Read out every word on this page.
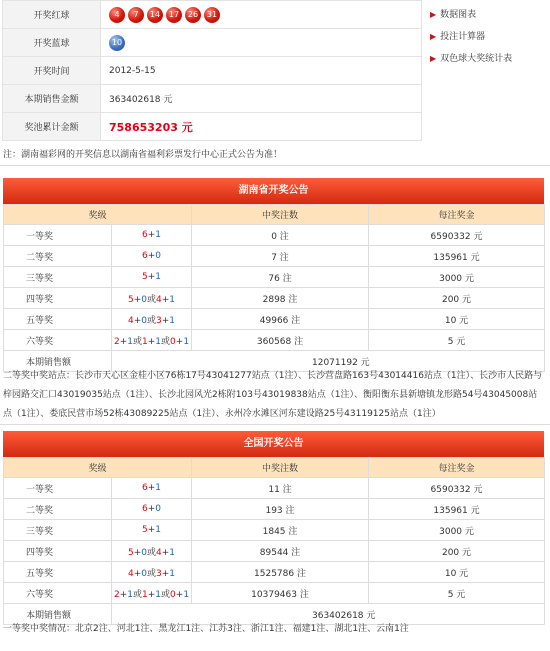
开奖红球	4 7 14 17 26 31
开奖蓝球	10
开奖时间	2012-5-15
本期销售金额	363402618 元
奖池累计金额	758653203 元
▶ 数据图表
▶ 投注计算器
▶ 双色球大奖统计表
注：湖南福彩网的开奖信息以湖南省福利彩票发行中心正式公告为准！
湖南省开奖公告
奖级		中奖注数	每注奖金
一等奖	6+1	0 注	6590332 元
二等奖	6+0	7 注	135961 元
三等奖	5+1	76 注	3000 元
四等奖	5+0或4+1	2898 注	200 元
五等奖	4+0或3+1	49966 注	10 元
六等奖	2+1或1+1或0+1	360568 注	5 元
本期销售额	12071192 元		
二等奖中奖站点：长沙市天心区金桂小区76栋17号43041277站点（1注）、长沙营盘路163号43014416站点（1注）、长沙市人民路与梓园路交汇口43019035站点（1注）、长沙北园风光2栋附103号43019838站点（1注）、衡阳衡东县新塘镇龙形路54号43045008站点（1注）、娄底民营市场52栋43089225站点（1注）、永州冷水滩区河东建设路25号43119125站点（1注）
全国开奖公告
奖级		中奖注数	每注奖金
一等奖	6+1	11 注	6590332 元
二等奖	6+0	193 注	135961 元
三等奖	5+1	1845 注	3000 元
四等奖	5+0或4+1	89544 注	200 元
五等奖	4+0或3+1	1525786 注	10 元
六等奖	2+1或1+1或0+1	10379463 注	5 元
本期销售额	363402618 元		
一等奖中奖情况：北京2注、河北1注、黑龙江1注、江苏3注、浙江1注、福建1注、湖北1注、云南1注
